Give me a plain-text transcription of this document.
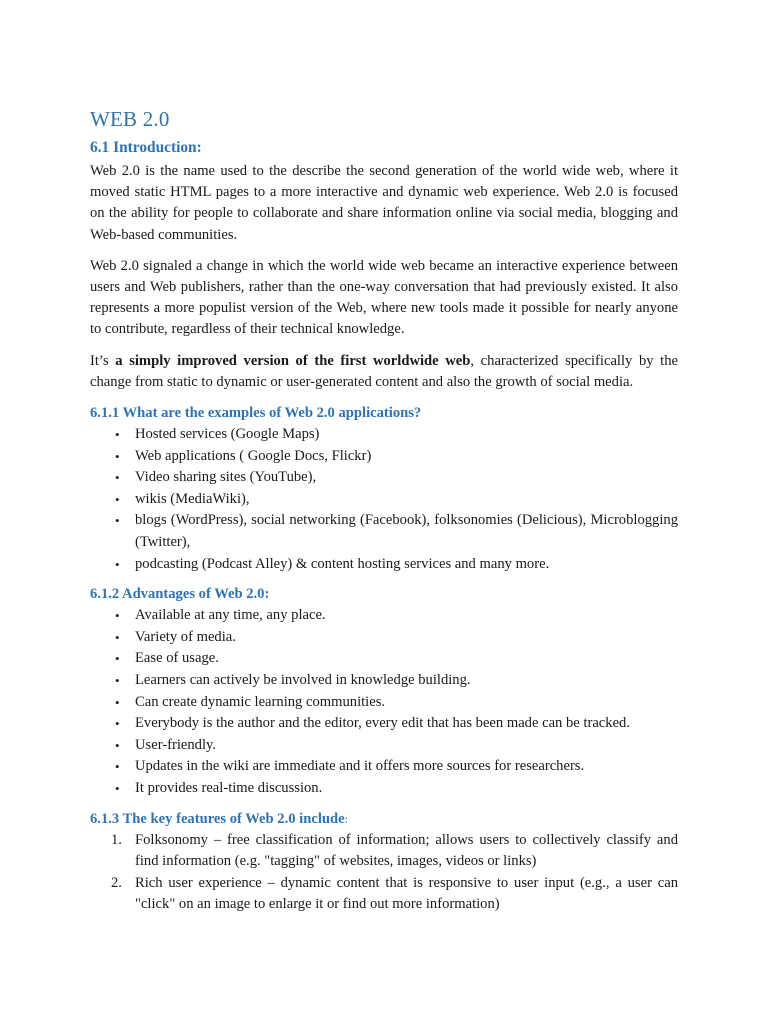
WEB 2.0
6.1 Introduction:

Web 2.0 is the name used to the describe the second generation of the world wide web, where it moved static HTML pages to a more interactive and dynamic web experience. Web 2.0 is focused on the ability for people to collaborate and share information online via social media, blogging and Web-based communities.

Web 2.0 signaled a change in which the world wide web became an interactive experience between users and Web publishers, rather than the one-way conversation that had previously existed. It also represents a more populist version of the Web, where new tools made it possible for nearly anyone to contribute, regardless of their technical knowledge.

It’s a simply improved version of the first worldwide web, characterized specifically by the change from static to dynamic or user-generated content and also the growth of social media.

6.1.1 What are the examples of Web 2.0 applications?
• Hosted services (Google Maps)
• Web applications ( Google Docs, Flickr)
• Video sharing sites (YouTube),
• wikis (MediaWiki),
• blogs (WordPress), social networking (Facebook), folksonomies (Delicious), Microblogging (Twitter),
• podcasting (Podcast Alley) & content hosting services and many more.
6.1.2 Advantages of Web 2.0:
• Available at any time, any place.
• Variety of media.
• Ease of usage.
• Learners can actively be involved in knowledge building.
• Can create dynamic learning communities.
• Everybody is the author and the editor, every edit that has been made can be tracked.
• User-friendly.
• Updates in the wiki are immediate and it offers more sources for researchers.
• It provides real-time discussion.
6.1.3 The key features of Web 2.0 include:
1. Folksonomy – free classification of information; allows users to collectively classify and find information (e.g. "tagging" of websites, images, videos or links)
2. Rich user experience – dynamic content that is responsive to user input (e.g., a user can "click" on an image to enlarge it or find out more information)
